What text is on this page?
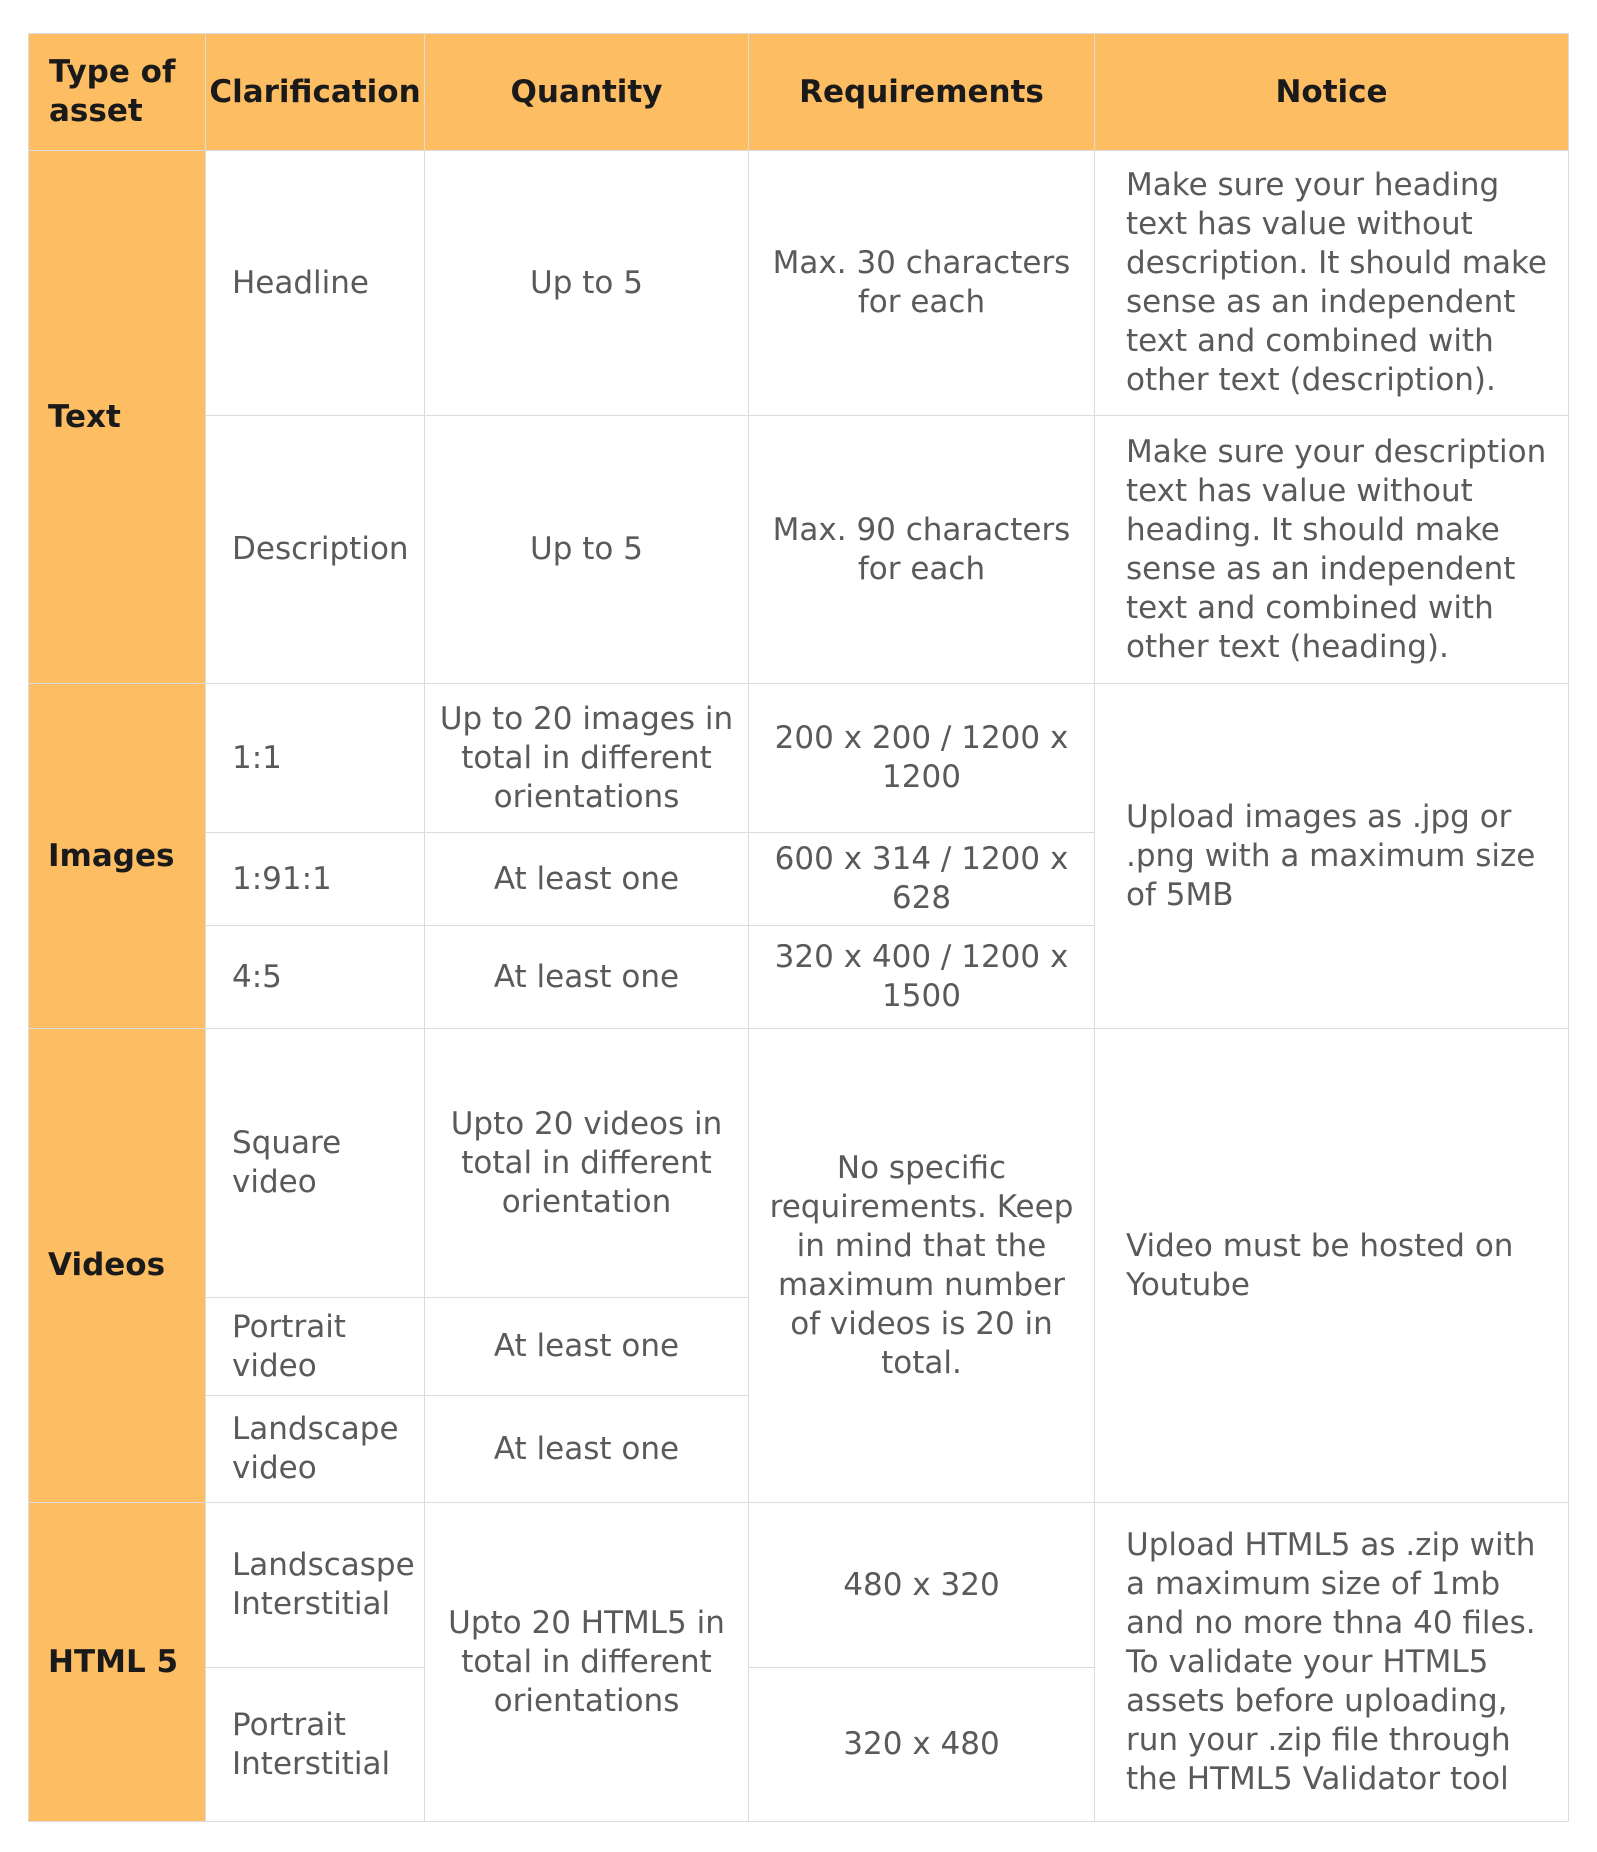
Type of asset	Clarification	Quantity	Requirements	Notice
Text	Headline	Up to 5	Max. 30 characters for each	Make sure your heading text has value without description. It should make sense as an independent text and combined with other text (description).
	Description	Up to 5	Max. 90 characters for each	Make sure your description text has value without heading. It should make sense as an independent text and combined with other text (heading).
Images	1:1	Up to 20 images in total in different orientations	200 x 200 / 1200 x 1200	Upload images as .jpg or .png with a maximum size of 5MB
	1:91:1	At least one	600 x 314 / 1200 x 628	
	4:5	At least one	320 x 400 / 1200 x 1500	
Videos	Square video	Upto 20 videos in total in different orientation	No specific requirements. Keep in mind that the maximum number of videos is 20 in total.	Video must be hosted on Youtube
	Portrait video	At least one		
	Landscape video	At least one		
HTML 5	Landscaspe Interstitial	Upto 20 HTML5 in total in different orientations	480 x 320	Upload HTML5 as .zip with a maximum size of 1mb and no more thna 40 files. To validate your HTML5 assets before uploading, run your .zip file through the HTML5 Validator tool
	Portrait Interstitial		320 x 480	
